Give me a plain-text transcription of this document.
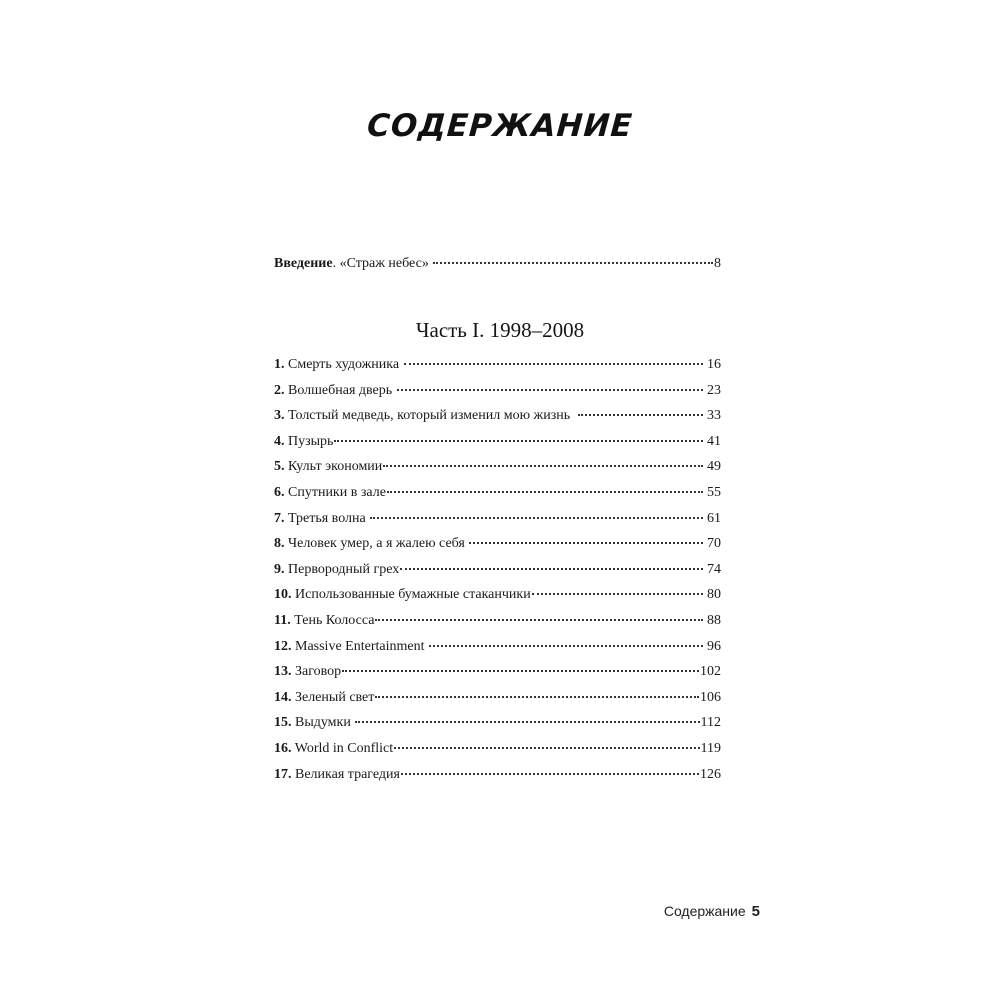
СОДЕРЖАНИЕ
Введение . «Страж небес»	8
Часть I. 1998–2008
1. Смерть художника	16
2. Волшебная дверь	23
3. Толстый медведь, который изменил мою жизнь	33
4. Пузырь	41
5. Культ экономии	49
6. Спутники в зале	55
7. Третья волна	61
8. Человек умер, а я жалею себя	70
9. Первородный грех	74
10. Использованные бумажные стаканчики	80
11. Тень Колосса	88
12. Massive Entertainment	96
13. Заговор	102
14. Зеленый свет	106
15. Выдумки	112
16. World in Conflict	119
17. Великая трагедия	126
Содержание 5
